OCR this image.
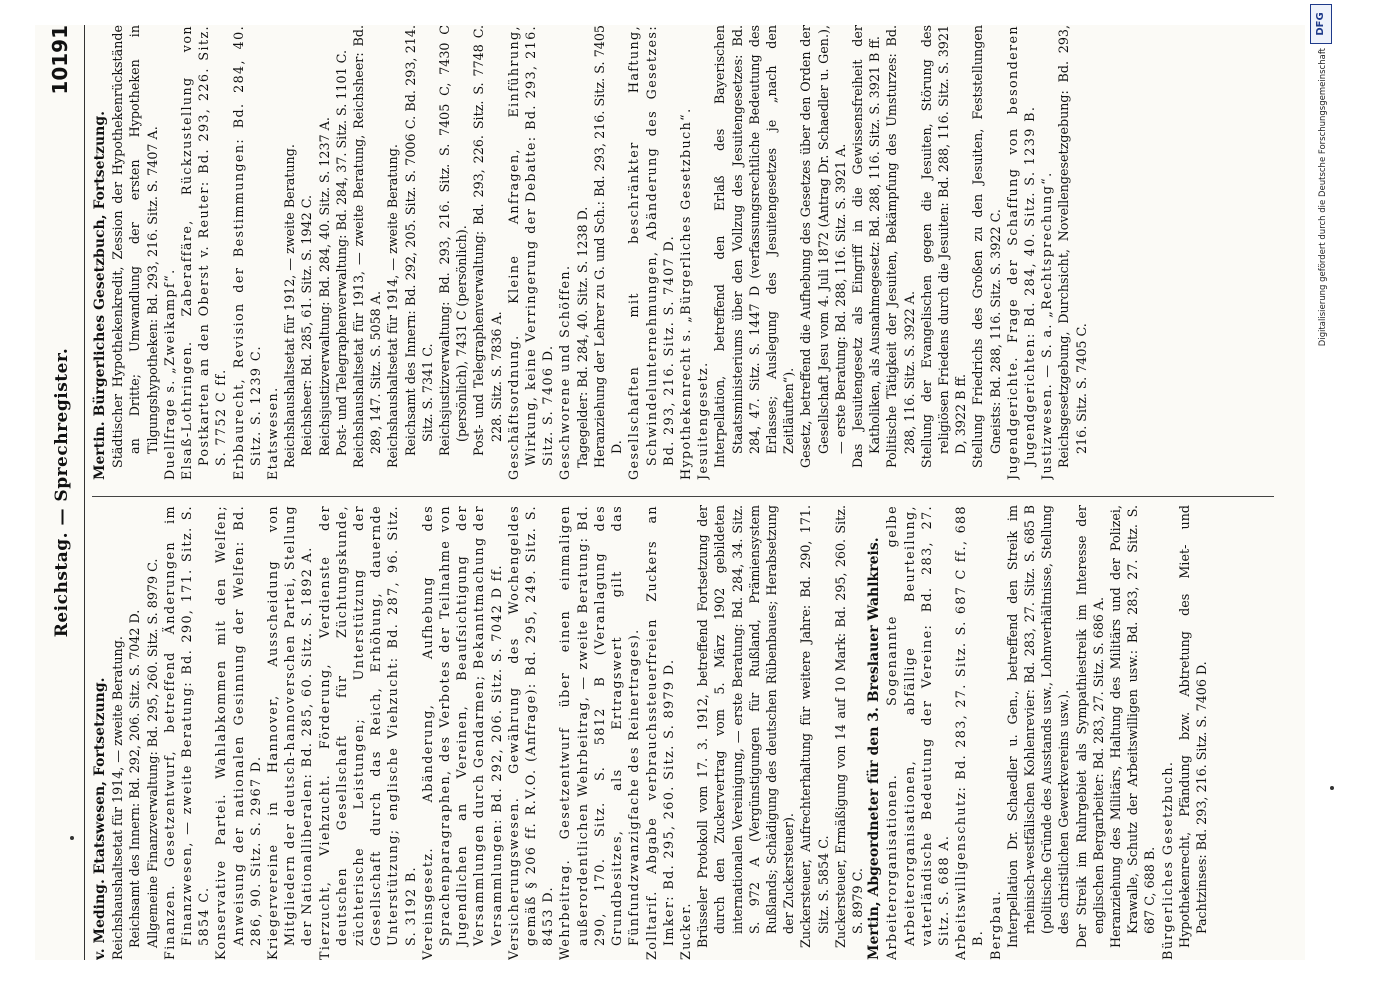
Reichstag. — Sprechregister.
10191
v. Meding. Etatswesen, Fortsetzung. Reichshaushaltsetat für 1914, — zweite Beratung. Reichsamt des Innern: Bd. 292, 206. Sitz. S. 7042 D. Allgemeine Finanzverwaltung: Bd. 295, 260. Sitz. S. 8979 C. Finanzen. Gesetzentwurf, betreffend Änderungen im Finanzwesen, — zweite Beratung: Bd. 290, 171. Sitz. S. 5854 C. Konservative Partei. Wahlabkommen mit den Welfen; Anweisung der nationalen Gesinnung der Welfen: Bd. 286, 90. Sitz. S. 2967 D. Kriegervereine in Hannover, Ausscheidung von Mitgliedern der deutsch-hannoverschen Partei, Stellung der Nationalliberalen: Bd. 285, 60. Sitz. S. 1892 A. Tierzucht, Viehzucht. Förderung, Verdienste der deutschen Gesellschaft für Züchtungskunde, züchterische Leistungen; Unterstützung der Gesellschaft durch das Reich, Erhöhung, dauernde Unterstützung; englische Viehzucht: Bd. 287, 96. Sitz. S. 3192 B. Vereinsgesetz. Abänderung, Aufhebung des Sprachenparagraphen, des Verbotes der Teilnahme von Jugendlichen an Vereinen, Beaufsichtigung der Versammlungen durch Gendarmen; Bekanntmachung der Versammlungen: Bd. 292, 206. Sitz. S. 7042 D ff. Versicherungswesen. Gewährung des Wochengeldes gemäß § 206 ff. R.V.O. (Anfrage): Bd. 295, 249. Sitz. S. 8453 D. Wehrbeitrag. Gesetzentwurf über einen einmaligen außerordentlichen Wehrbeitrag, — zweite Beratung: Bd. 290, 170. Sitz. S. 5812 B (Veranlagung des Grundbesitzes, als Ertragswert gilt das Fünfundzwanzigfache des Reinertrages). Zolltarif. Abgabe verbrauchssteuerfreien Zuckers an Imker: Bd. 295, 260. Sitz. S. 8979 D. Zucker. Brüsseler Protokoll vom 17. 3. 1912, betreffend Fortsetzung der durch den Zuckervertrag vom 5. März 1902 gebildeten internationalen Vereinigung, — erste Beratung: Bd. 284, 34. Sitz. S. 972 A (Vergünstigungen für Rußland, Prämiensystem Rußlands; Schädigung des deutschen Rübenbaues; Herabsetzung der Zuckersteuer). Zuckersteuer, Aufrechterhaltung für weitere Jahre: Bd. 290, 171. Sitz. S. 5854 C. Zuckersteuer, Ermäßigung von 14 auf 10 Mark: Bd. 295, 260. Sitz. S. 8979 C. Mertin, Abgeordneter für den 3. Breslauer Wahlkreis. Arbeiterorganisationen. Sogenannte gelbe Arbeiterorganisationen, abfällige Beurteilung, vaterländische Bedeutung der Vereine: Bd. 283, 27. Sitz. S. 688 A. Arbeitswilligenschutz: Bd. 283, 27. Sitz. S. 687 C ff., 688 B. Bergbau. Interpellation Dr. Schaedler u. Gen., betreffend den Streik im rheinisch-westfälischen Kohlenrevier: Bd. 283, 27. Sitz. S. 685 B (politische Gründe des Ausstands usw., Lohnverhältnisse, Stellung des christlichen Gewerkvereins usw.). Der Streik im Ruhrgebiet als Sympathiestreik im Interesse der englischen Bergarbeiter: Bd. 283, 27. Sitz. S. 686 A. Heranziehung des Militärs, Haltung des Militärs und der Polizei, Krawalle, Schutz der Arbeitswilligen usw.: Bd. 283, 27. Sitz. S. 687 C, 688 B. Bürgerliches Gesetzbuch. Hypothekenrecht, Pfändung bzw. Abtretung des Miet- und Pachtzinses: Bd. 293, 216. Sitz. S. 7406 D.
Mertin. Bürgerliches Gesetzbuch, Fortsetzung. Städtischer Hypothekenkredit, Zession der Hypothekenrückstände an Dritte; Umwandlung der ersten Hypotheken in Tilgungshypotheken: Bd. 293, 216. Sitz. S. 7407 A. Duellfrage s. „Zweikampf“. Elsaß-Lothringen. Zaberaffäre, Rückzustellung von Postkarten an den Oberst v. Reuter: Bd. 293, 226. Sitz. S. 7752 C ff. Erbbaurecht, Revision der Bestimmungen: Bd. 284, 40. Sitz. S. 1239 C. Etatswesen. Reichshaushaltsetat für 1912, — zweite Beratung. Reichsheer: Bd. 285, 61. Sitz. S. 1942 C. Reichsjustizverwaltung: Bd. 284, 40. Sitz. S. 1237 A. Post- und Telegraphenverwaltung: Bd. 284, 37. Sitz. S. 1101 C. Reichshaushaltsetat für 1913, — zweite Beratung, Reichsheer: Bd. 289, 147. Sitz. S. 5058 A. Reichshaushaltsetat für 1914, — zweite Beratung. Reichsamt des Innern: Bd. 292, 205. Sitz. S. 7006 C. Bd. 293, 214. Sitz. S. 7341 C. Reichsjustizverwaltung: Bd. 293, 216. Sitz. S. 7405 C, 7430 C (persönlich), 7431 C (persönlich). Post- und Telegraphenverwaltung: Bd. 293, 226. Sitz. S. 7748 C. 228. Sitz. S. 7836 A. Geschäftsordnung. Kleine Anfragen, Einführung, Wirkung, keine Verringerung der Debatte: Bd. 293, 216. Sitz. S. 7406 D. Geschworene und Schöffen. Tagegelder: Bd. 284, 40. Sitz. S. 1238 D. Heranziehung der Lehrer zu G. und Sch.: Bd. 293, 216. Sitz. S. 7405 D. Gesellschaften mit beschränkter Haftung, Schwindelunternehmungen, Abänderung des Gesetzes: Bd. 293, 216. Sitz. S. 7407 D. Hypothekenrecht s. „Bürgerliches Gesetzbuch“. Jesuitengesetz. Interpellation, betreffend den Erlaß des Bayerischen Staatsministeriums über den Vollzug des Jesuitengesetzes: Bd. 284, 47. Sitz. S. 1447 D (verfassungsrechtliche Bedeutung des Erlasses; Auslegung des Jesuitengesetzes je „nach den Zeitläuften“). Gesetz, betreffend die Aufhebung des Gesetzes über den Orden der Gesellschaft Jesu vom 4. Juli 1872 (Antrag Dr. Schaedler u. Gen.), — erste Beratung: Bd. 288, 116. Sitz. S. 3921 A. Das Jesuitengesetz als Eingriff in die Gewissensfreiheit der Katholiken, als Ausnahmegesetz: Bd. 288, 116. Sitz. S. 3921 B ff. Politische Tätigkeit der Jesuiten, Bekämpfung des Umsturzes: Bd. 288, 116. Sitz. S. 3922 A. Stellung der Evangelischen gegen die Jesuiten, Störung des religiösen Friedens durch die Jesuiten: Bd. 288, 116. Sitz. S. 3921 D, 3922 B ff. Stellung Friedrichs des Großen zu den Jesuiten, Feststellungen Gneists: Bd. 288, 116. Sitz. S. 3922 C. Jugendgerichte. Frage der Schaffung von besonderen Jugendgerichten: Bd. 284, 40. Sitz. S. 1239 B. Justizwesen. — S. a. „Rechtsprechung“. Reichsgesetzgebung, Durchsicht, Novellengesetzgebung: Bd. 293, 216. Sitz. S. 7405 C.
Digitalisierung gefördert durch die Deutsche Forschungsgemeinschaft
DFG
